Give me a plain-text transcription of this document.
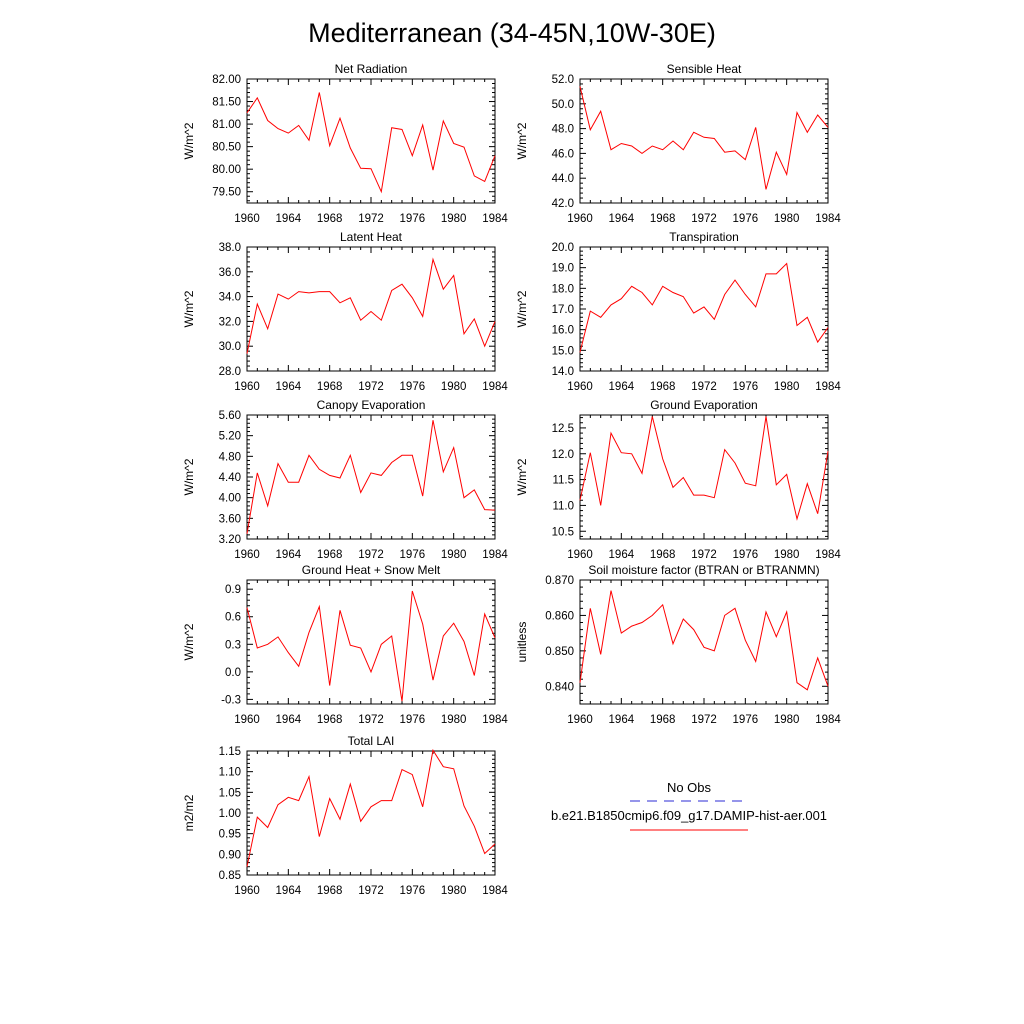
Mediterranean (34-45N,10W-30E)
1960 1964 1968 1972 1976 1980 1984
79.50
80.00
80.50
81.00
81.50
82.00
Net Radiation
W/m^2
1960 1964 1968 1972 1976 1980 1984
42.0
44.0
46.0
48.0
50.0
52.0
Sensible Heat
W/m^2
1960 1964 1968 1972 1976 1980 1984
28.0
30.0
32.0
34.0
36.0
38.0
Latent Heat
W/m^2
1960 1964 1968 1972 1976 1980 1984
14.0
15.0
16.0
17.0
18.0
19.0
20.0
Transpiration
W/m^2
1960 1964 1968 1972 1976 1980 1984
3.20
3.60
4.00
4.40
4.80
5.20
5.60
Canopy Evaporation
W/m^2
1960 1964 1968 1972 1976 1980 1984
10.5
11.0
11.5
12.0
12.5
Ground Evaporation
W/m^2
1960 1964 1968 1972 1976 1980 1984
-0.3
0.0
0.3
0.6
0.9
Ground Heat + Snow Melt
W/m^2
1960 1964 1968 1972 1976 1980 1984
0.840
0.850
0.860
0.870
Soil moisture factor (BTRAN or BTRANMN)
unitless
1960 1964 1968 1972 1976 1980 1984
0.85
0.90
0.95
1.00
1.05
1.10
1.15
Total LAI
m2/m2
No Obs
b.e21.B1850cmip6.f09_g17.DAMIP-hist-aer.001
